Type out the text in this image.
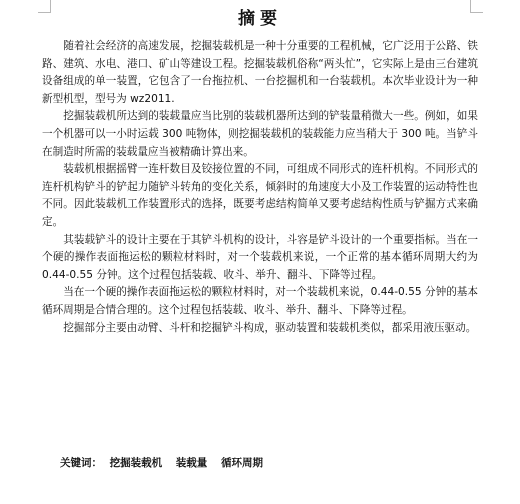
摘要

随着社会经济的高速发展，挖掘装载机是一种十分重要的工程机械，它广泛用于公路、铁路、建筑、水电、港口、矿山等建设工程。挖掘装载机俗称“两头忙”，它实际上是由三台建筑设备组成的单一装置，它包含了一台拖拉机、一台挖掘机和一台装载机。本次毕业设计为一种新型机型，型号为 wz2011.

挖掘装载机所达到的装载量应当比别的装载机器所达到的铲装量稍微大一些。例如，如果一个机器可以一小时运载 300 吨物体，则挖掘装载机的装载能力应当稍大于 300 吨。当铲斗在制造时所需的装载量应当被精确计算出来。

装载机根据摇臂一连杆数目及铰接位置的不同，可组成不同形式的连杆机构。不同形式的连杆机构铲斗的铲起力随铲斗转角的变化关系，倾斜时的角速度大小及工作装置的运动特性也不同。因此装载机工作装置形式的选择，既要考虑结构简单又要考虑结构性质与铲掘方式来确定。

其装载铲斗的设计主要在于其铲斗机构的设计，斗容是铲斗设计的一个重要指标。当在一个硬的操作表面拖运松的颗粒材料时，对一个装载机来说，一个正常的基本循环周期大约为 0.44-0.55 分钟。这个过程包括装载、收斗、举升、翻斗、下降等过程。

当在一个硬的操作表面拖运松的颗粒材料时，对一个装载机来说，0.44-0.55 分钟的基本循环周期是合情合理的。这个过程包括装载、收斗、举升、翻斗、下降等过程。

挖掘部分主要由动臂、斗杆和挖掘铲斗构成，驱动装置和装载机类似，都采用液压驱动。

关键词： 挖掘装载机 装载量 循环周期
